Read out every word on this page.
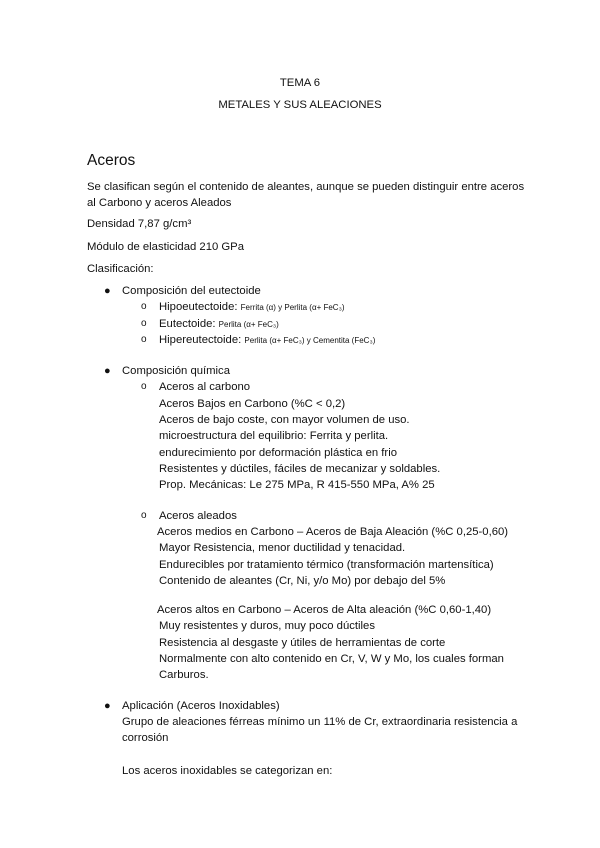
TEMA 6
METALES Y SUS ALEACIONES
Aceros
Se clasifican según el contenido de aleantes, aunque se pueden distinguir entre aceros
al Carbono y aceros Aleados
Densidad 7,87 g/cm³
Módulo de elasticidad 210 GPa
Clasificación:
● Composición del eutectoide
o Hipoeutectoide: Ferrita (α) y Perlita (α+ FeC₃)
o Eutectoide: Perlita (α+ FeC₃)
o Hipereutectoide: Perlita (α+ FeC₃) y Cementita (FeC₃)
● Composición química
o Aceros al carbono
Aceros Bajos en Carbono (%C < 0,2)
Aceros de bajo coste, con mayor volumen de uso.
microestructura del equilibrio: Ferrita y perlita.
endurecimiento por deformación plástica en frio
Resistentes y dúctiles, fáciles de mecanizar y soldables.
Prop. Mecánicas: Le 275 MPa, R 415-550 MPa, A% 25
o Aceros aleados
Aceros medios en Carbono – Aceros de Baja Aleación (%C 0,25-0,60)
Mayor Resistencia, menor ductilidad y tenacidad.
Endurecibles por tratamiento térmico (transformación martensítica)
Contenido de aleantes (Cr, Ni, y/o Mo) por debajo del 5%
Aceros altos en Carbono – Aceros de Alta aleación (%C 0,60-1,40)
Muy resistentes y duros, muy poco dúctiles
Resistencia al desgaste y útiles de herramientas de corte
Normalmente con alto contenido en Cr, V, W y Mo, los cuales forman
Carburos.
● Aplicación (Aceros Inoxidables)
Grupo de aleaciones férreas mínimo un 11% de Cr, extraordinaria resistencia a
corrosión
Los aceros inoxidables se categorizan en:
